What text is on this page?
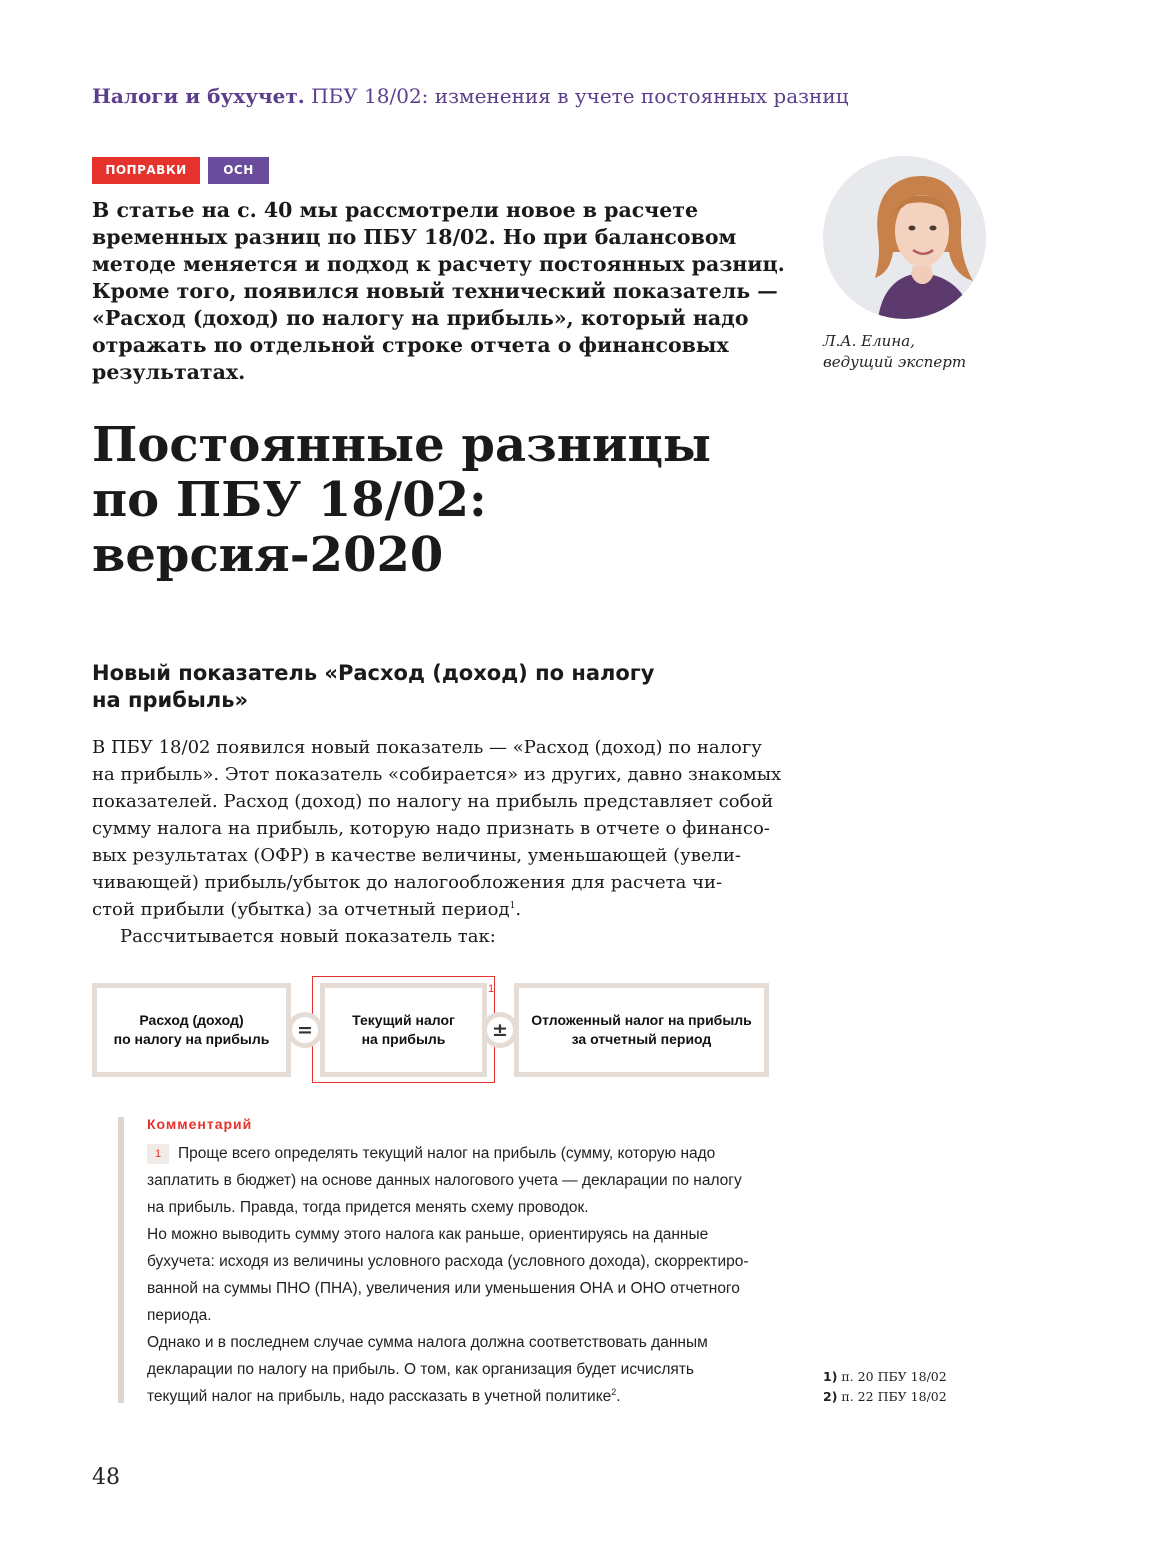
Налоги и бухучет. ПБУ 18/02: изменения в учете постоянных разниц
ПОПРАВКИ	ОСН

В статье на с. 40 мы рассмотрели новое в расчете

временных разниц по ПБУ 18/02. Но при балансовом

методе меняется и подход к расчету постоянных разниц.

Кроме того, появился новый технический показатель —

«Расход (доход) по налогу на прибыль», который надо

отражать по отдельной строке отчета о финансовых

результатах.

Л.А. Елина,
ведущий эксперт
Постоянные разницы
по ПБУ 18/02:
версия-2020
Новый показатель «Расход (доход) по налогу
на прибыль»
В ПБУ 18/02 появился новый показатель — «Расход (доход) по налогу
на прибыль». Этот показатель «собирается» из других, давно знакомых
показателей. Расход (доход) по налогу на прибыль представляет собой
сумму налога на прибыль, которую надо признать в отчете о финансо-
вых результатах (ОФР) в качестве величины, уменьшающей (увели-
чивающей) прибыль/убыток до налогообложения для расчета чи-
стой прибыли (убытка) за отчетный период$^1$.
Рассчитывается новый показатель так:
1
Расход (доход)
по налогу на прибыль
Текущий налог
на прибыль
Отложенный налог на прибыль
за отчетный период
=	±
Комментарий
1 Проще всего определять текущий налог на прибыль (сумму, которую надо
заплатить в бюджет) на основе данных налогового учета — декларации по налогу
на прибыль. Правда, тогда придется менять схему проводок.
Но можно выводить сумму этого налога как раньше, ориентируясь на данные
бухучета: исходя из величины условного расхода (условного дохода), скорректиро-
ванной на суммы ПНО (ПНА), увеличения или уменьшения ОНА и ОНО отчетного
периода.
Однако и в последнем случае сумма налога должна соответствовать данным
декларации по налогу на прибыль. О том, как организация будет исчислять
текущий налог на прибыль, надо рассказать в учетной политике$^2$.
1) п. 20 ПБУ 18/02
2) п. 22 ПБУ 18/02
48
